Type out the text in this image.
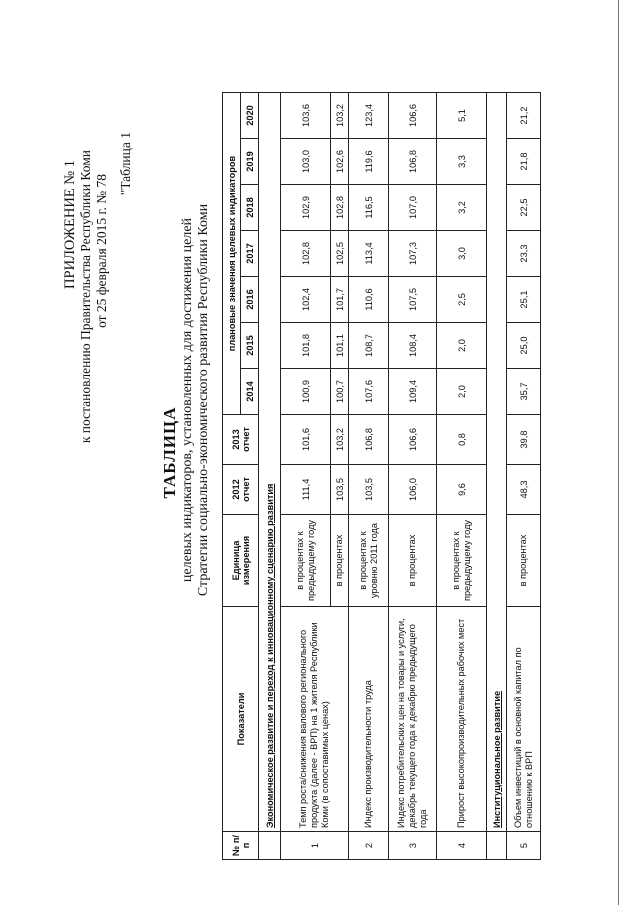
ПРИЛОЖЕНИЕ № 1 к постановлению Правительства Республики Коми от 25 февраля 2015 г. № 78
"Таблица 1
ТАБЛИЦА целевых индикаторов, установленных для достижения целей Стратегии социально-экономического развития Республики Коми
№ п/п	Показатели	Единица измерения	2012 отчет	2013 отчет	плановые значения целевых индикаторов						
					2014	2015	2016	2017	2018	2019	2020
	Экономическое развитие и переход к инновационному сценарию развития										
1	Темп роста/снижения валового регионального продукта (далее - ВРП) на 1 жителя Республики Коми (в сопоставимых ценах)	в процентах к предыдущему году	111,4	101,6	100,9	101,8	102,4	102,8	102,9	103,0	103,6
		в процентах	103,5	103,2	100,7	101,1	101,7	102,5	102,8	102,6	103,2
2	Индекс производительности труда	в процентах к уровню 2011 года	103,5	106,8	107,6	108,7	110,6	113,4	116,5	119,6	123,4
3	Индекс потребительских цен на товары и услуги, декабрь текущего года к декабрю предыдущего года	в процентах	106,0	106,6	109,4	108,4	107,5	107,3	107,0	106,8	106,6
4	Прирост высокопроизводительных рабочих мест	в процентах к предыдущему году	9,6	0,8	2,0	2,0	2,5	3,0	3,2	3,3	5,1
	Институциональное развитие										
5	Объем инвестиций в основной капитал по отношению к ВРП	в процентах	48,3	39,8	35,7	25,0	25,1	23,3	22,5	21,8	21,2
